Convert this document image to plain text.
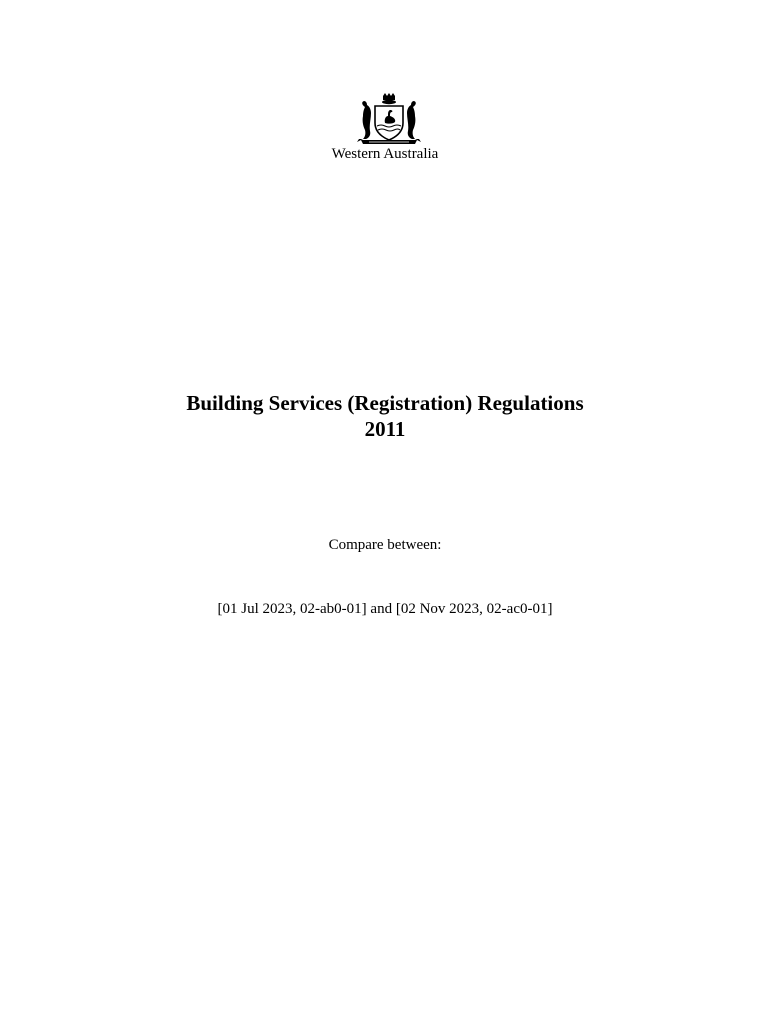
Western Australia
Building Services (Registration) Regulations
2011
Compare between:
[01 Jul 2023, 02-ab0-01] and [02 Nov 2023, 02-ac0-01]
